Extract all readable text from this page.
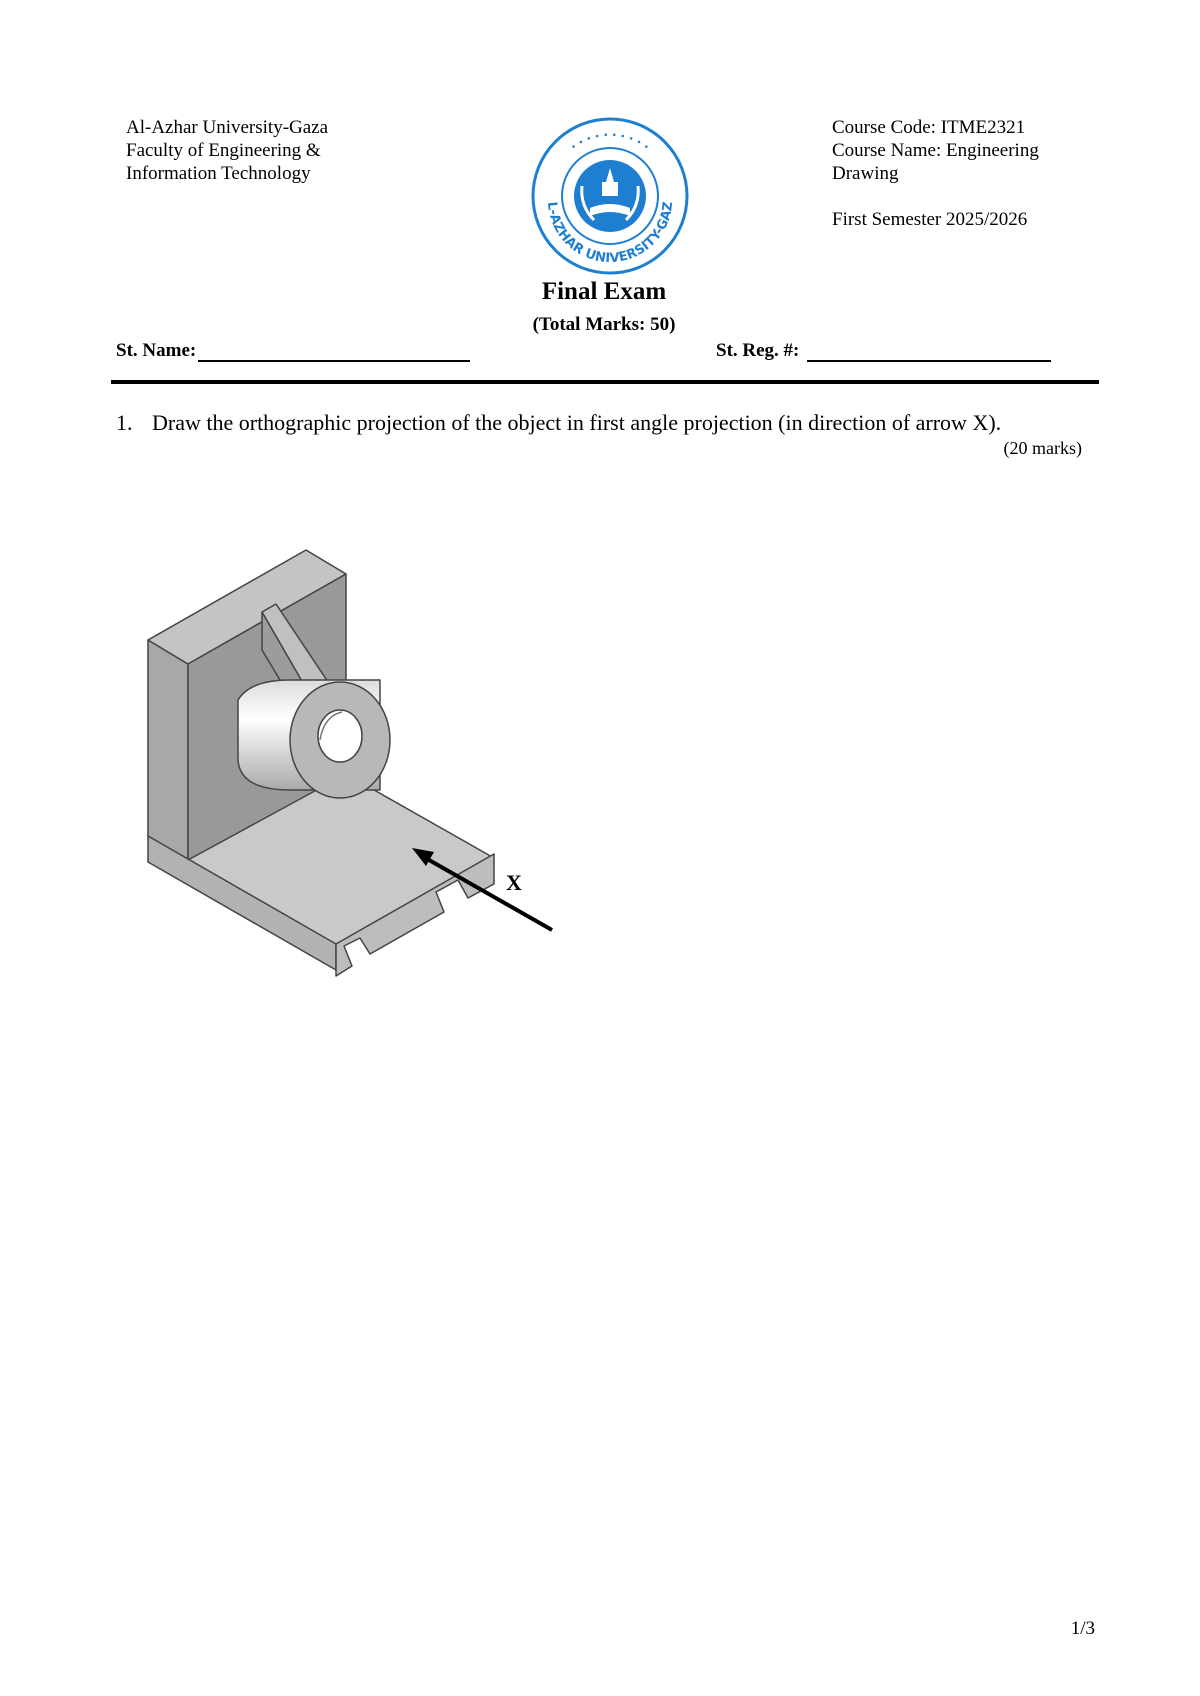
Al-Azhar University-Gaza
Faculty of Engineering &
Information Technology
L-AZHAR UNIVERSITY-GAZ
• • • • • • • • • •
Course Code: ITME2321
Course Name: Engineering
Drawing
First Semester 2025/2026
Final Exam
(Total Marks: 50)
St. Name:	St. Reg. #:
1. Draw the orthographic projection of the object in first angle projection (in direction of arrow X).
(20 marks)
X
1/3
